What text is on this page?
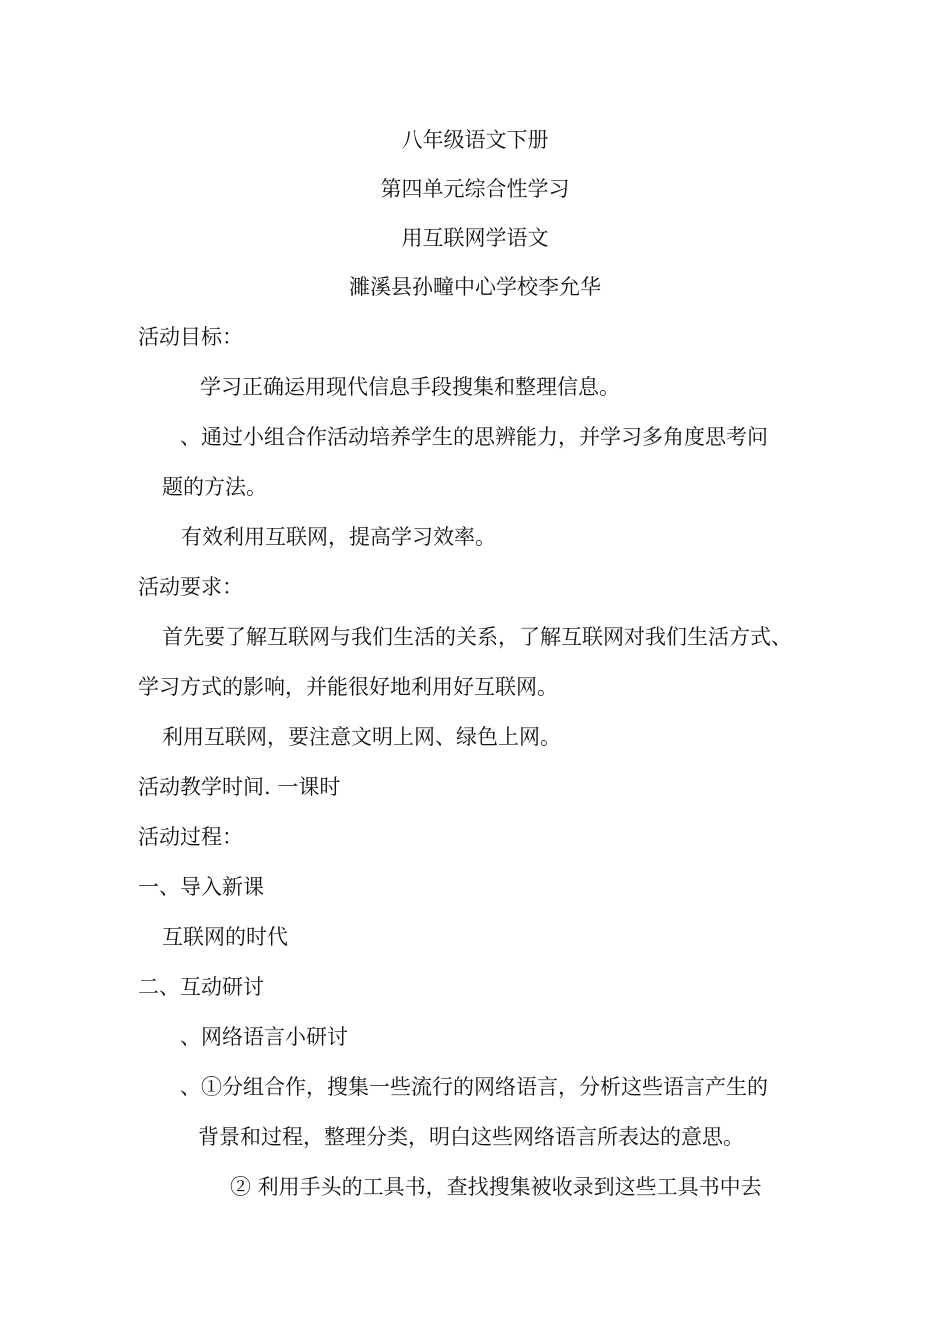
八年级语文下册
第四单元综合性学习
用互联网学语文
濉溪县孙疃中心学校李允华
活动目标：
学习正确运用现代信息手段搜集和整理信息。
、通过小组合作活动培养学生的思辨能力，并学习多角度思考问
题的方法。
有效利用互联网，提高学习效率。
活动要求：
首先要了解互联网与我们生活的关系，了解互联网对我们生活方式、
学习方式的影响，并能很好地利用好互联网。
利用互联网，要注意文明上网、绿色上网。
活动教学时间. 一课时
活动过程：
一、导入新课
互联网的时代
二、互动研讨
、网络语言小研讨
、①分组合作，搜集一些流行的网络语言，分析这些语言产生的
背景和过程，整理分类，明白这些网络语言所表达的意思。
② 利用手头的工具书，查找搜集被收录到这些工具书中去
